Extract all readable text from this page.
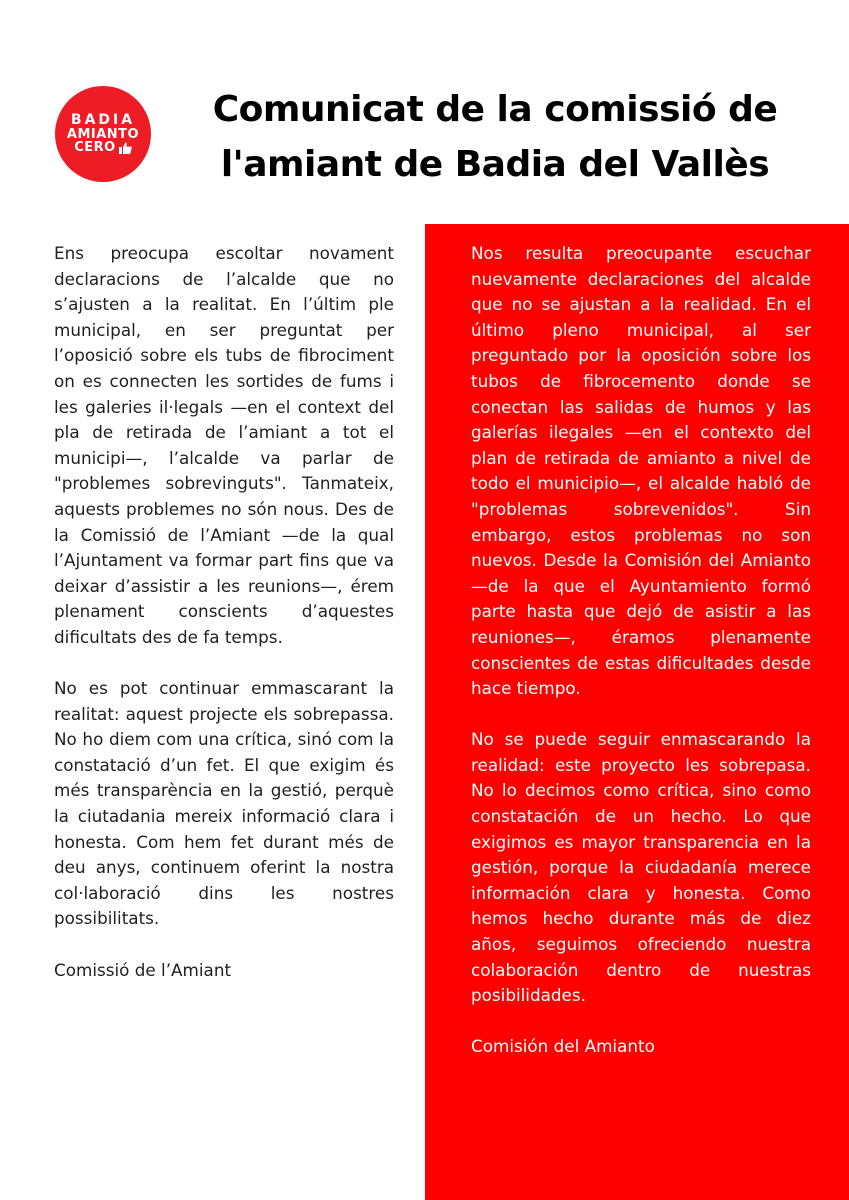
BADIA
AMIANTO
CERO
Comunicat de la comissió de l'amiant de Badia del Vallès

Ens preocupa escoltar novament declaracions de l’alcalde que no s’ajusten a la realitat. En l’últim ple municipal, en ser preguntat per l’oposició sobre els tubs de fibrociment on es connecten les sortides de fums i les galeries il·legals —en el context del pla de retirada de l’amiant a tot el municipi—, l’alcalde va parlar de "problemes sobrevinguts". Tanmateix, aquests problemes no són nous. Des de la Comissió de l’Amiant —de la qual l’Ajuntament va formar part fins que va deixar d’assistir a les reunions—, érem plenament conscients d’aquestes dificultats des de fa temps.

No es pot continuar emmascarant la realitat: aquest projecte els sobrepassa. No ho diem com una crítica, sinó com la constatació d’un fet. El que exigim és més transparència en la gestió, perquè la ciutadania mereix informació clara i honesta. Com hem fet durant més de deu anys, continuem oferint la nostra col·laboració dins les nostres possibilitats.

Comissió de l’Amiant

Nos resulta preocupante escuchar nuevamente declaraciones del alcalde que no se ajustan a la realidad. En el último pleno municipal, al ser preguntado por la oposición sobre los tubos de fibrocemento donde se conectan las salidas de humos y las galerías ilegales —en el contexto del plan de retirada de amianto a nivel de todo el municipio—, el alcalde habló de "problemas sobrevenidos". Sin embargo, estos problemas no son nuevos. Desde la Comisión del Amianto —de la que el Ayuntamiento formó parte hasta que dejó de asistir a las reuniones—, éramos plenamente conscientes de estas dificultades desde hace tiempo.

No se puede seguir enmascarando la realidad: este proyecto les sobrepasa. No lo decimos como crítica, sino como constatación de un hecho. Lo que exigimos es mayor transparencia en la gestión, porque la ciudadanía merece información clara y honesta. Como hemos hecho durante más de diez años, seguimos ofreciendo nuestra colaboración dentro de nuestras posibilidades.

Comisión del Amianto
